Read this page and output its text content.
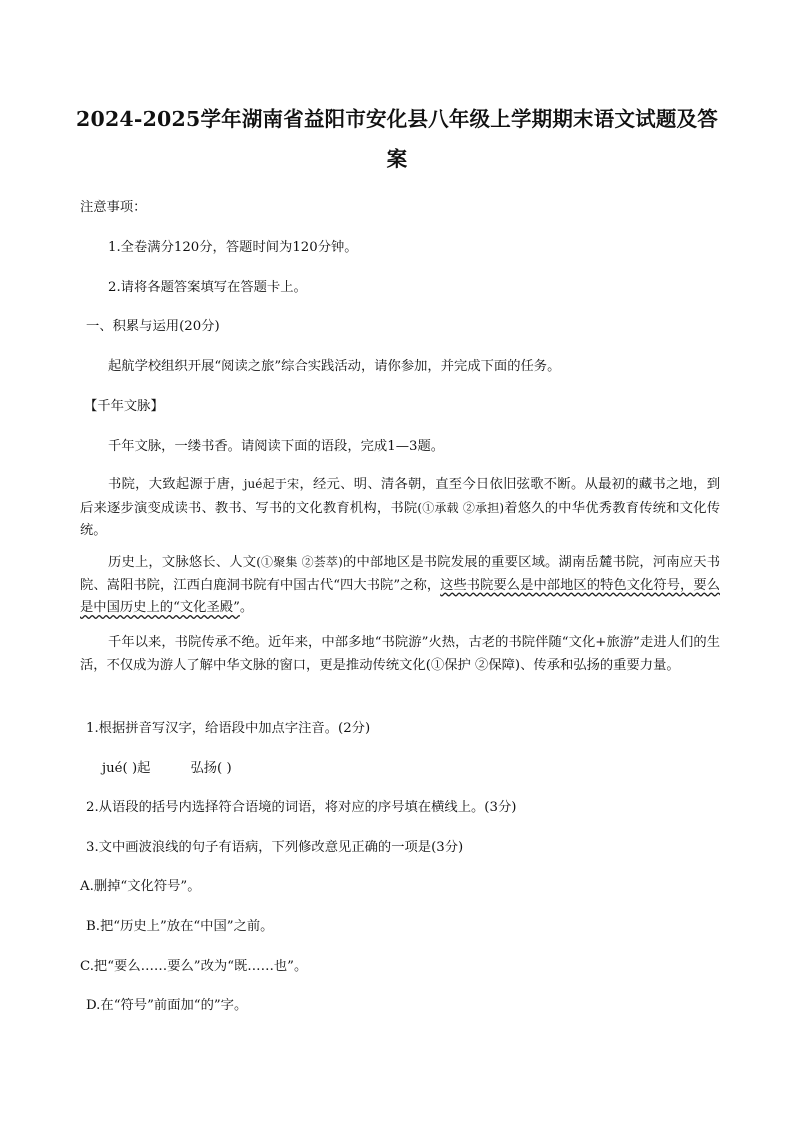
2024-2025学年湖南省益阳市安化县八年级上学期期末语文试题及答
案

注意事项：

1.全卷满分120分，答题时间为120分钟。

2.请将各题答案填写在答题卡上。

一、积累与运用(20分)

起航学校组织开展“阅读之旅”综合实践活动，请你参加，并完成下面的任务。

【千年文脉】

千年文脉，一缕书香。请阅读下面的语段，完成1—3题。

书院，大致起源于唐，jué起于宋，经元、明、清各朝，直至今日依旧弦歌不断。从最初的藏书之地，到后来逐步演变成读书、教书、写书的文化教育机构，书院(①承载 ②承担)着悠久的中华优秀教育传统和文化传统。

历史上，文脉悠长、人文(①聚集 ②荟萃)的中部地区是书院发展的重要区域。湖南岳麓书院，河南应天书院、嵩阳书院，江西白鹿洞书院有中国古代“四大书院”之称，这些书院要么是中部地区的特色文化符号，要么是中国历史上的“文化圣殿”。

千年以来，书院传承不绝。近年来，中部多地“书院游”火热，古老的书院伴随“文化+旅游”走进人们的生活，不仅成为游人了解中华文脉的窗口，更是推动传统文化(①保护 ②保障)、传承和弘扬的重要力量。

1.根据拼音写汉字，给语段中加点字注音。(2分)

jué( )起	弘扬( )

2.从语段的括号内选择符合语境的词语，将对应的序号填在横线上。(3分)

3.文中画波浪线的句子有语病，下列修改意见正确的一项是(3分)

A.删掉“文化符号”。

B.把“历史上”放在“中国”之前。

C.把“要么……要么”改为“既……也”。

D.在“符号”前面加“的”字。
